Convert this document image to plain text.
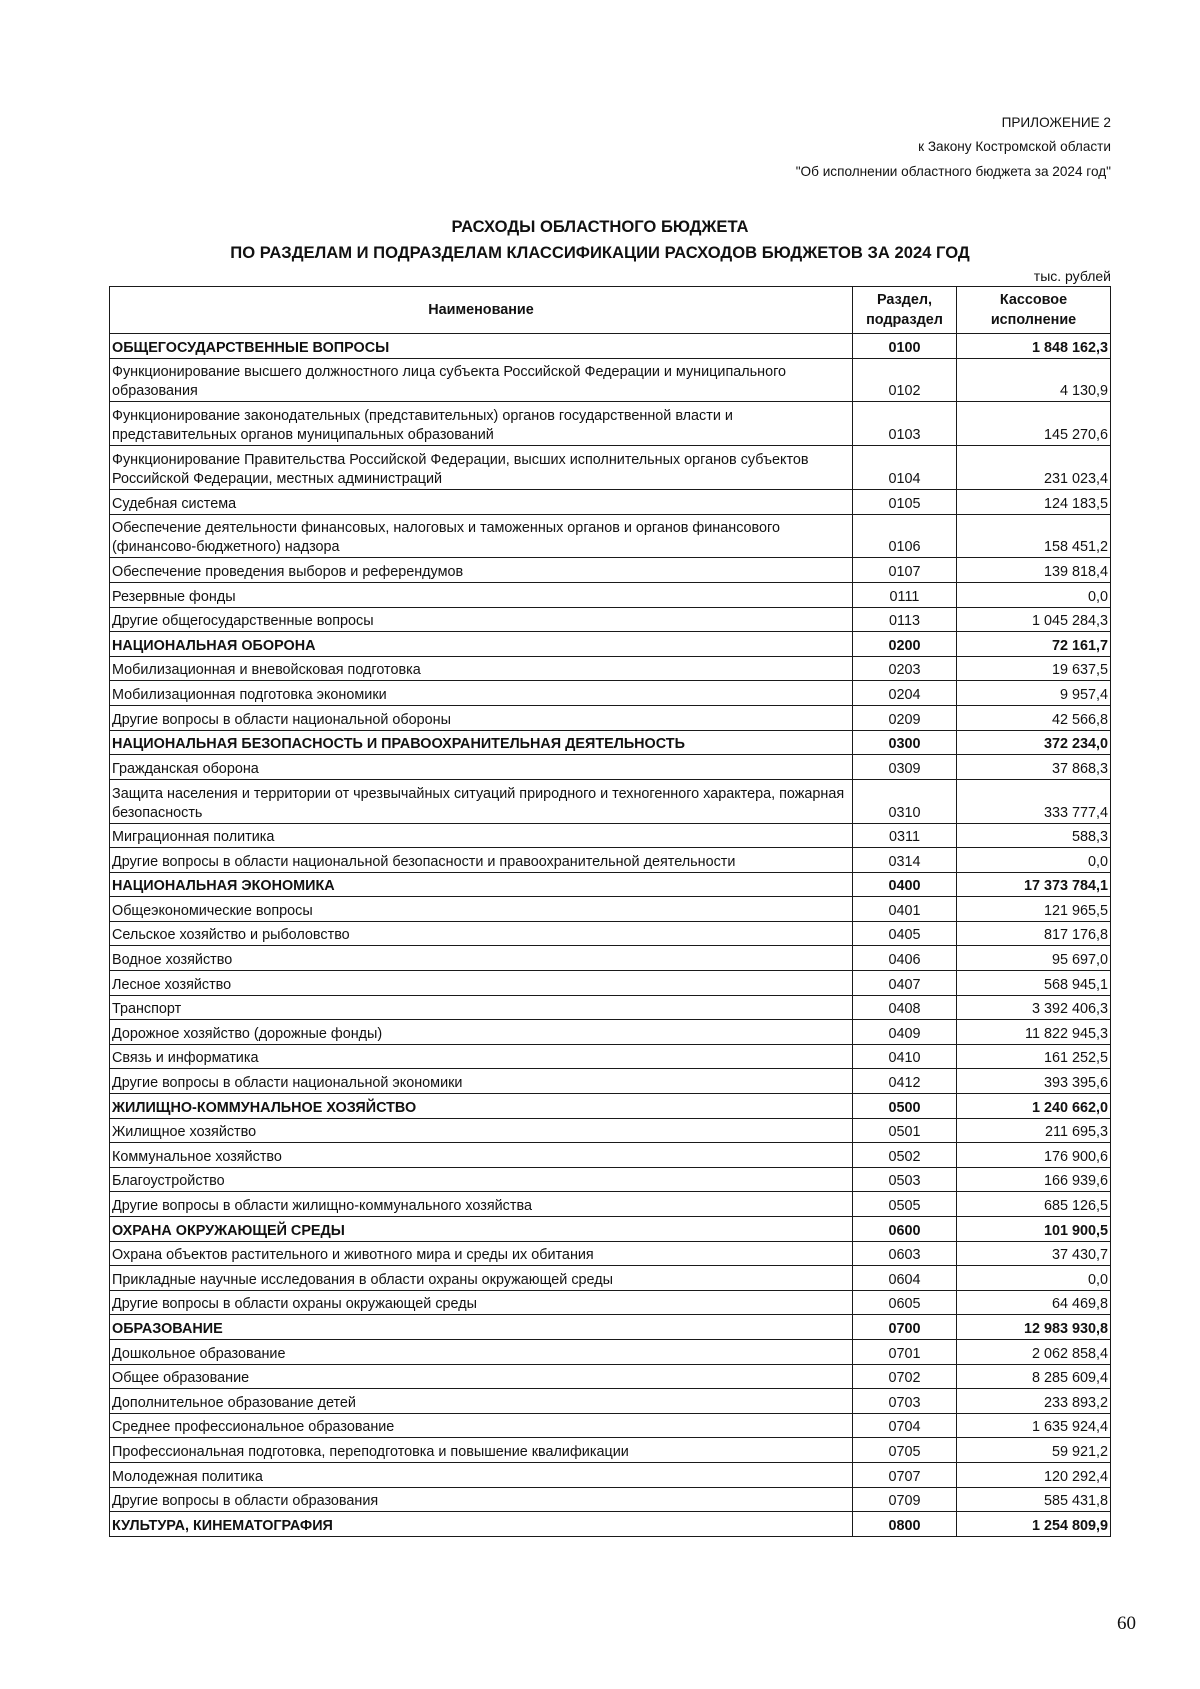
ПРИЛОЖЕНИЕ 2
к Закону Костромской области
"Об исполнении областного бюджета за 2024 год"
РАСХОДЫ ОБЛАСТНОГО БЮДЖЕТА
ПО РАЗДЕЛАМ И ПОДРАЗДЕЛАМ КЛАССИФИКАЦИИ РАСХОДОВ БЮДЖЕТОВ ЗА 2024 ГОД
тыс. рублей
Наименование	Раздел, подраздел	Кассовое исполнение
ОБЩЕГОСУДАРСТВЕННЫЕ ВОПРОСЫ	0100	1 848 162,3
Функционирование высшего должностного лица субъекта Российской Федерации и муниципального образования	0102	4 130,9
Функционирование законодательных (представительных) органов государственной власти и представительных органов муниципальных образований	0103	145 270,6
Функционирование Правительства Российской Федерации, высших исполнительных органов субъектов Российской Федерации, местных администраций	0104	231 023,4
Судебная система	0105	124 183,5
Обеспечение деятельности финансовых, налоговых и таможенных органов и органов финансового (финансово-бюджетного) надзора	0106	158 451,2
Обеспечение проведения выборов и референдумов	0107	139 818,4
Резервные фонды	0111	0,0
Другие общегосударственные вопросы	0113	1 045 284,3
НАЦИОНАЛЬНАЯ ОБОРОНА	0200	72 161,7
Мобилизационная и вневойсковая подготовка	0203	19 637,5
Мобилизационная подготовка экономики	0204	9 957,4
Другие вопросы в области национальной обороны	0209	42 566,8
НАЦИОНАЛЬНАЯ БЕЗОПАСНОСТЬ И ПРАВООХРАНИТЕЛЬНАЯ ДЕЯТЕЛЬНОСТЬ	0300	372 234,0
Гражданская оборона	0309	37 868,3
Защита населения и территории от чрезвычайных ситуаций природного и техногенного характера, пожарная безопасность	0310	333 777,4
Миграционная политика	0311	588,3
Другие вопросы в области национальной безопасности и правоохранительной деятельности	0314	0,0
НАЦИОНАЛЬНАЯ ЭКОНОМИКА	0400	17 373 784,1
Общеэкономические вопросы	0401	121 965,5
Сельское хозяйство и рыболовство	0405	817 176,8
Водное хозяйство	0406	95 697,0
Лесное хозяйство	0407	568 945,1
Транспорт	0408	3 392 406,3
Дорожное хозяйство (дорожные фонды)	0409	11 822 945,3
Связь и информатика	0410	161 252,5
Другие вопросы в области национальной экономики	0412	393 395,6
ЖИЛИЩНО-КОММУНАЛЬНОЕ ХОЗЯЙСТВО	0500	1 240 662,0
Жилищное хозяйство	0501	211 695,3
Коммунальное хозяйство	0502	176 900,6
Благоустройство	0503	166 939,6
Другие вопросы в области жилищно-коммунального хозяйства	0505	685 126,5
ОХРАНА ОКРУЖАЮЩЕЙ СРЕДЫ	0600	101 900,5
Охрана объектов растительного и животного мира и среды их обитания	0603	37 430,7
Прикладные научные исследования в области охраны окружающей среды	0604	0,0
Другие вопросы в области охраны окружающей среды	0605	64 469,8
ОБРАЗОВАНИЕ	0700	12 983 930,8
Дошкольное образование	0701	2 062 858,4
Общее образование	0702	8 285 609,4
Дополнительное образование детей	0703	233 893,2
Среднее профессиональное образование	0704	1 635 924,4
Профессиональная подготовка, переподготовка и повышение квалификации	0705	59 921,2
Молодежная политика	0707	120 292,4
Другие вопросы в области образования	0709	585 431,8
КУЛЬТУРА, КИНЕМАТОГРАФИЯ	0800	1 254 809,9
60
